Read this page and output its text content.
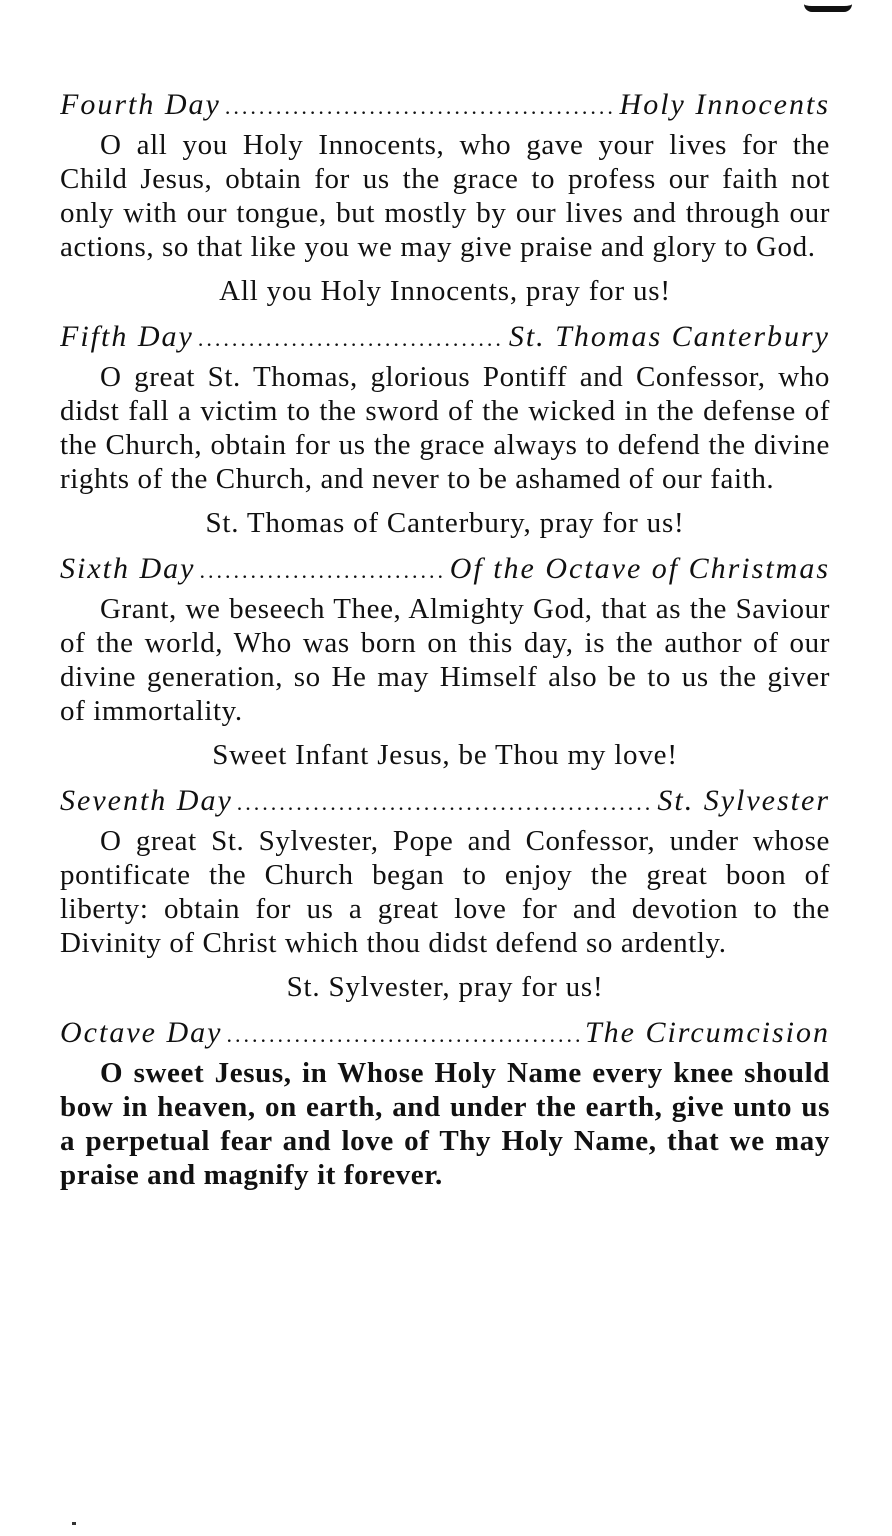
Fourth Day .....	Holy Innocents

O all you Holy Innocents, who gave your lives for the Child Jesus, obtain for us the grace to profess our faith not only with our tongue, but mostly by our lives and through our actions, so that like you we may give praise and glory to God.

All you Holy Innocents, pray for us!

Fifth Day .....	St. Thomas Canterbury

O great St. Thomas, glorious Pontiff and Confessor, who didst fall a victim to the sword of the wicked in the defense of the Church, obtain for us the grace always to defend the divine rights of the Church, and never to be ashamed of our faith.

St. Thomas of Canterbury, pray for us!

Sixth Day .....	Of the Octave of Christmas

Grant, we beseech Thee, Almighty God, that as the Saviour of the world, Who was born on this day, is the author of our divine generation, so He may Himself also be to us the giver of immortality.

Sweet Infant Jesus, be Thou my love!

Seventh Day .....	St. Sylvester

O great St. Sylvester, Pope and Confessor, under whose pontificate the Church began to enjoy the great boon of liberty: obtain for us a great love for and devotion to the Divinity of Christ which thou didst defend so ardently.

St. Sylvester, pray for us!

Octave Day .....	The Circumcision

O sweet Jesus, in Whose Holy Name every knee should bow in heaven, on earth, and under the earth, give unto us a perpetual fear and love of Thy Holy Name, that we may praise and magnify it forever.
